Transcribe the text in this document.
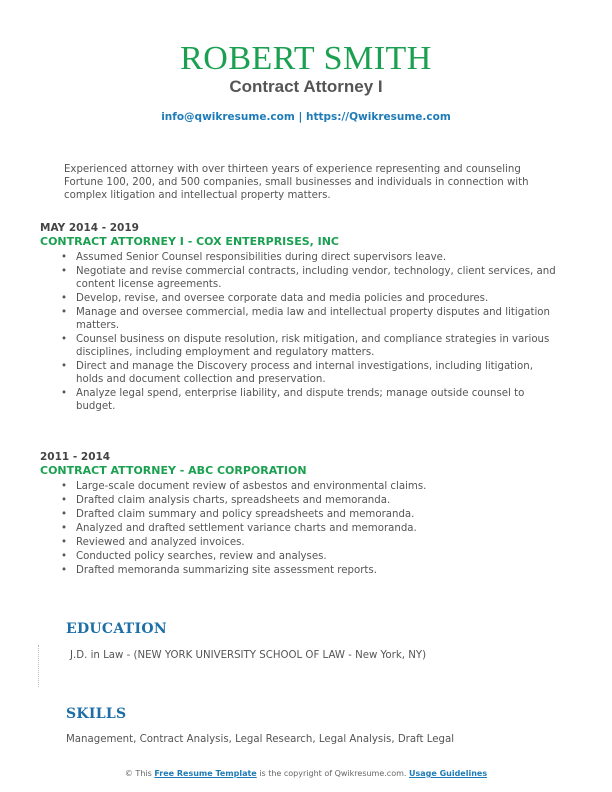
ROBERT SMITH
Contract Attorney I
info@qwikresume.com | https://Qwikresume.com
Experienced attorney with over thirteen years of experience representing and counseling Fortune 100, 200, and 500 companies, small businesses and individuals in connection with complex litigation and intellectual property matters.
MAY 2014 - 2019
CONTRACT ATTORNEY I - COX ENTERPRISES, INC
• Assumed Senior Counsel responsibilities during direct supervisors leave.
• Negotiate and revise commercial contracts, including vendor, technology, client services, and content license agreements.
• Develop, revise, and oversee corporate data and media policies and procedures.
• Manage and oversee commercial, media law and intellectual property disputes and litigation matters.
• Counsel business on dispute resolution, risk mitigation, and compliance strategies in various disciplines, including employment and regulatory matters.
• Direct and manage the Discovery process and internal investigations, including litigation, holds and document collection and preservation.
• Analyze legal spend, enterprise liability, and dispute trends; manage outside counsel to budget.
2011 - 2014
CONTRACT ATTORNEY - ABC CORPORATION
• Large-scale document review of asbestos and environmental claims.
• Drafted claim analysis charts, spreadsheets and memoranda.
• Drafted claim summary and policy spreadsheets and memoranda.
• Analyzed and drafted settlement variance charts and memoranda.
• Reviewed and analyzed invoices.
• Conducted policy searches, review and analyses.
• Drafted memoranda summarizing site assessment reports.
EDUCATION
J.D. in Law - (NEW YORK UNIVERSITY SCHOOL OF LAW - New York, NY)
SKILLS
Management, Contract Analysis, Legal Research, Legal Analysis, Draft Legal
© This Free Resume Template is the copyright of Qwikresume.com. Usage Guidelines
